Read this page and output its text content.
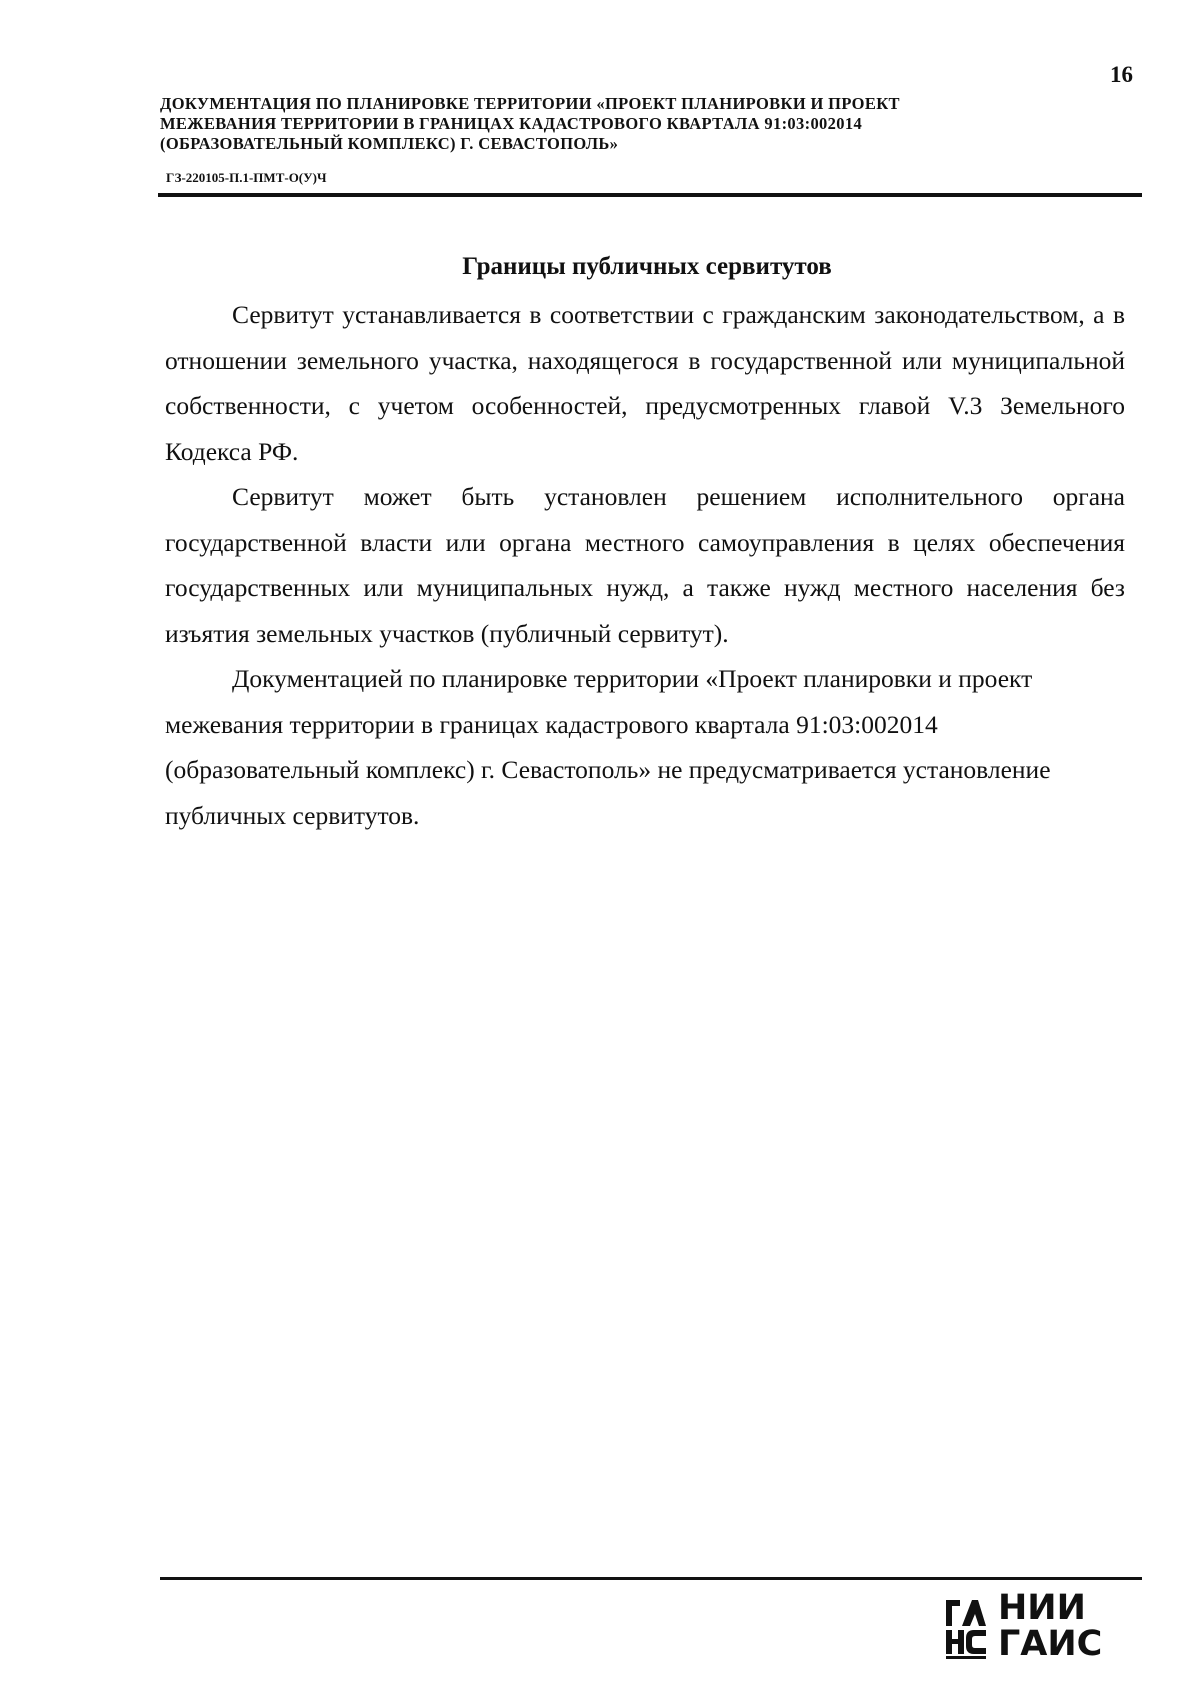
16
ДОКУМЕНТАЦИЯ ПО ПЛАНИРОВКЕ ТЕРРИТОРИИ «ПРОЕКТ ПЛАНИРОВКИ И ПРОЕКТ
МЕЖЕВАНИЯ ТЕРРИТОРИИ В ГРАНИЦАХ КАДАСТРОВОГО КВАРТАЛА 91:03:002014
(ОБРАЗОВАТЕЛЬНЫЙ КОМПЛЕКС) Г. СЕВАСТОПОЛЬ»
ГЗ-220105-П.1-ПМТ-О(У)Ч
Границы публичных сервитутов

Сервитут устанавливается в соответствии с гражданским законодательством, а в отношении земельного участка, находящегося в государственной или муниципальной собственности, с учетом особенностей, предусмотренных главой V.3 Земельного Кодекса РФ.

Сервитут может быть установлен решением исполнительного органа государственной власти или органа местного самоуправления в целях обеспечения государственных или муниципальных нужд, а также нужд местного населения без изъятия земельных участков (публичный сервитут).

Документацией по планировке территории «Проект планировки и проект межевания территории в границах кадастрового квартала 91:03:002014 (образовательный комплекс) г. Севастополь» не предусматривается установление публичных сервитутов.

НИИ
ГАИС
